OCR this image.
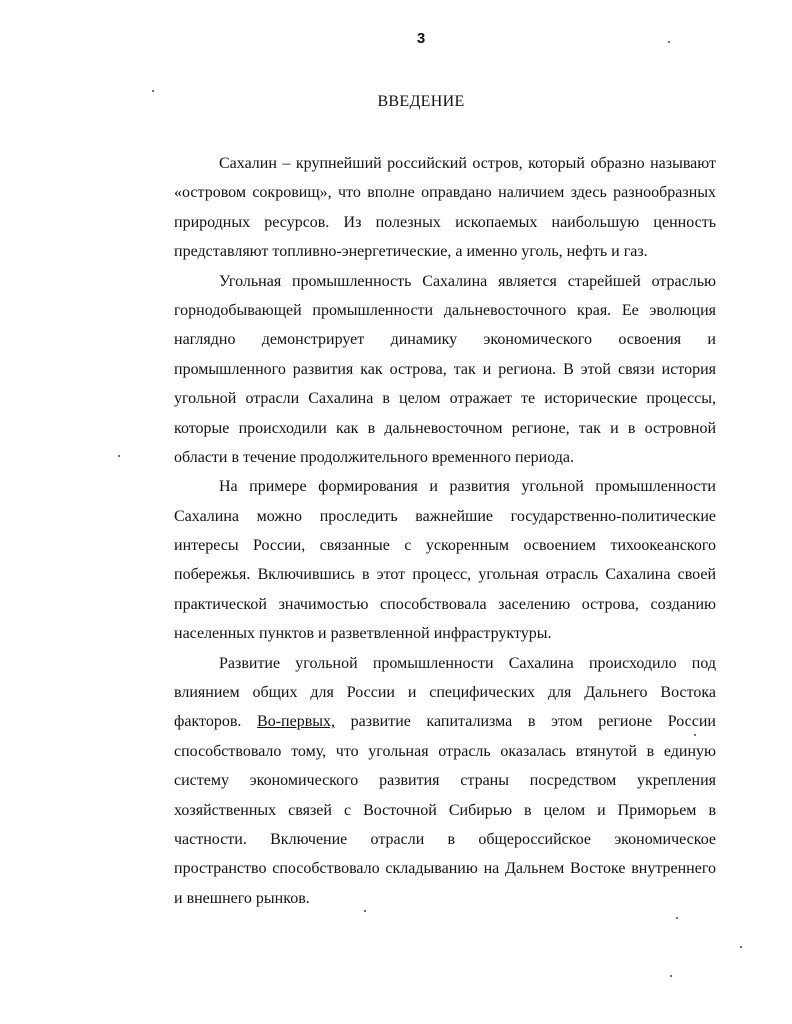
3
ВВЕДЕНИЕ
Сахалин – крупнейший российский остров, который образно называют
«островом сокровищ», что вполне оправдано наличием здесь разнообразных
природных ресурсов. Из полезных ископаемых наибольшую ценность
представляют топливно-энергетические, а именно уголь, нефть и газ.
Угольная промышленность Сахалина является старейшей отраслью
горнодобывающей промышленности дальневосточного края. Ее эволюция
наглядно демонстрирует динамику экономического освоения и
промышленного развития как острова, так и региона. В этой связи история
угольной отрасли Сахалина в целом отражает те исторические процессы,
которые происходили как в дальневосточном регионе, так и в островной
области в течение продолжительного временного периода.
На примере формирования и развития угольной промышленности
Сахалина можно проследить важнейшие государственно-политические
интересы России, связанные с ускоренным освоением тихоокеанского
побережья. Включившись в этот процесс, угольная отрасль Сахалина своей
практической значимостью способствовала заселению острова, созданию
населенных пунктов и разветвленной инфраструктуры.
Развитие угольной промышленности Сахалина происходило под
влиянием общих для России и специфических для Дальнего Востока
факторов. Во-первых, развитие капитализма в этом регионе России
способствовало тому, что угольная отрасль оказалась втянутой в единую
систему экономического развития страны посредством укрепления
хозяйственных связей с Восточной Сибирью в целом и Приморьем в
частности. Включение отрасли в общероссийское экономическое
пространство способствовало складыванию на Дальнем Востоке внутреннего
и внешнего рынков.
